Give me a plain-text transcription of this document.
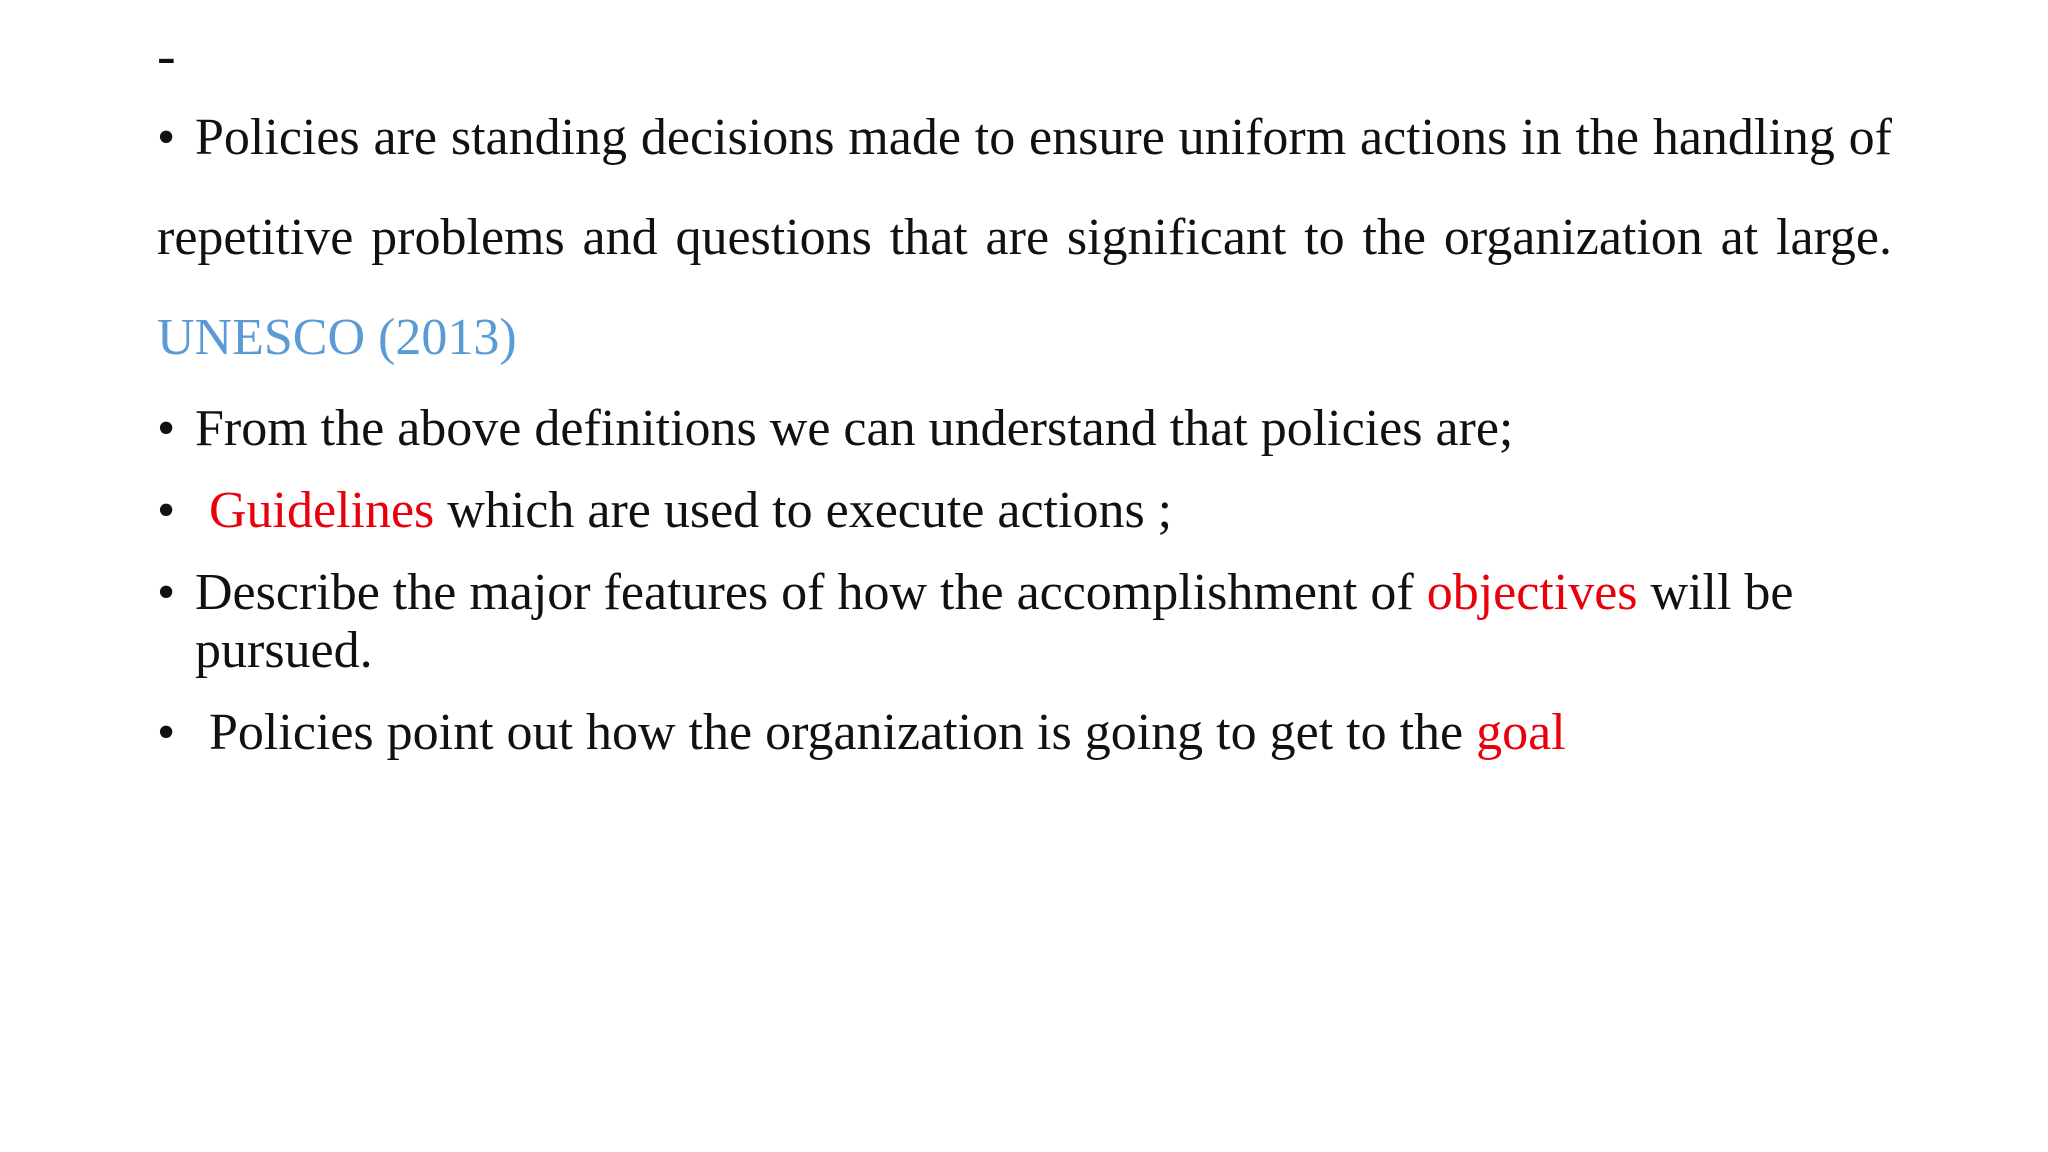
-
• Policies are standing decisions made to ensure uniform actions in the handling of repetitive problems and questions that are significant to the organization at large. UNESCO (2013)
• From the above definitions we can understand that policies are;
• Guidelines which are used to execute actions ;
• Describe the major features of how the accomplishment of objectives will be pursued.
• Policies point out how the organization is going to get to the goal
